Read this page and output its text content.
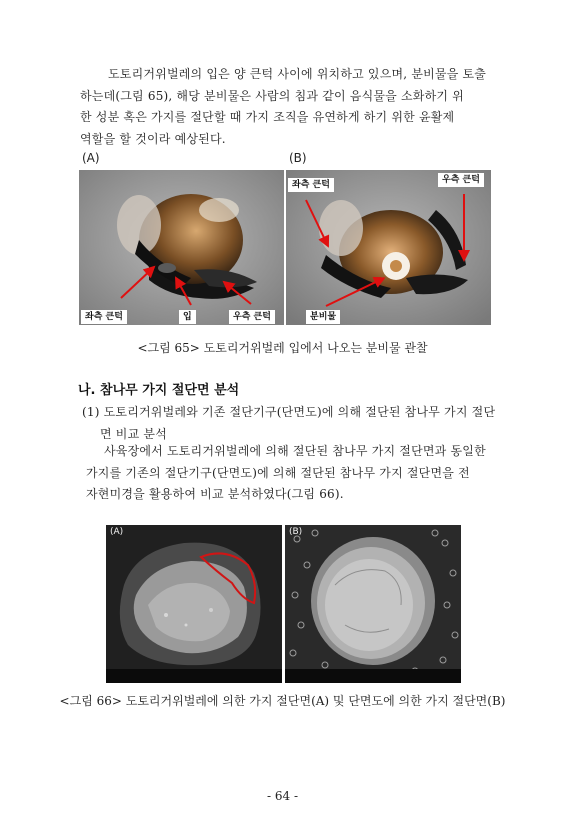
도토리거위벌레의 입은 양 큰턱 사이에 위치하고 있으며, 분비물을 토출
하는데(그림 65), 해당 분비물은 사람의 침과 같이 음식물을 소화하기 위
한 성분 혹은 가지를 절단할 때 가지 조직을 유연하게 하기 위한 윤활제
역할을 할 것이라 예상된다.
(A)	(B)
좌측 큰턱	입	우측 큰턱
좌측 큰턱	우측 큰턱
분비물
<그림 65> 도토리거위벌레 입에서 나오는 분비물 관찰
나. 참나무 가지 절단면 분석
(1) 도토리거위벌레와 기존 절단기구(단면도)에 의해 절단된 참나무 가지 절단
면 비교 분석
사육장에서 도토리거위벌레에 의해 절단된 참나무 가지 절단면과 동일한
가지를 기존의 절단기구(단면도)에 의해 절단된 참나무 가지 절단면을 전
자현미경을 활용하여 비교 분석하였다(그림 66).
(A)	(B)
<그림 66> 도토리거위벌레에 의한 가지 절단면(A) 및 단면도에 의한 가지 절단면(B)
- 64 -
